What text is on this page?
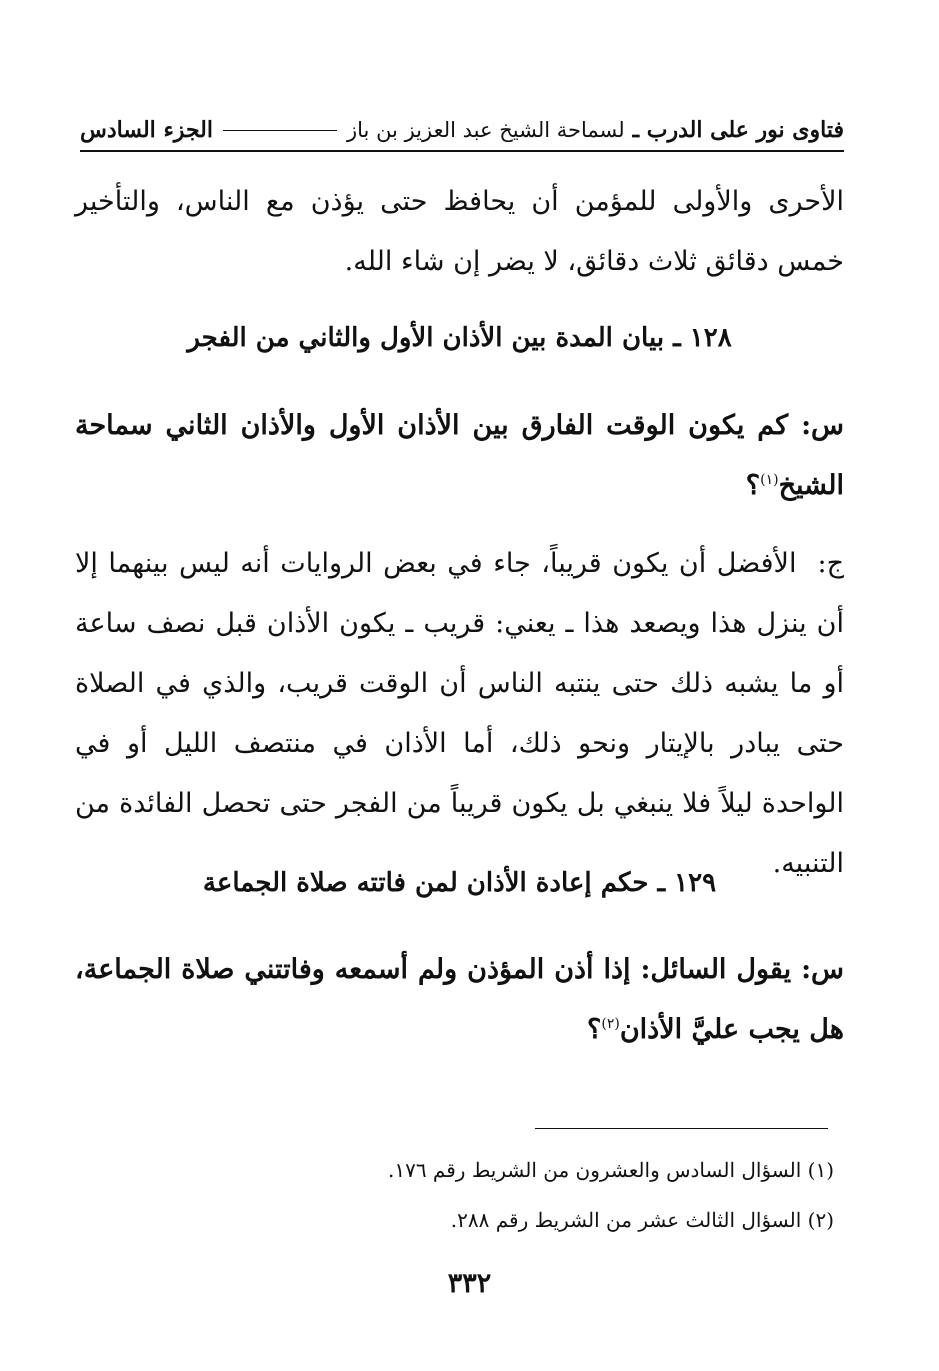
فتاوى نور على الدرب ـ
لسماحة الشيخ عبد العزيز بن باز
الجزء السادس

الأحرى والأولى للمؤمن أن يحافظ حتى يؤذن مع الناس، والتأخير خمس دقائق ثلاث دقائق، لا يضر إن شاء الله.

١٢٨ ـ بيان المدة بين الأذان الأول والثاني من الفجر

س: كم يكون الوقت الفارق بين الأذان الأول والأذان الثاني سماحة الشيخ$^{(١)}$؟

ج:  الأفضل أن يكون قريباً، جاء في بعض الروايات أنه ليس بينهما إلا أن ينزل هذا ويصعد هذا ـ يعني: قريب ـ يكون الأذان قبل نصف ساعة أو ما يشبه ذلك حتى ينتبه الناس أن الوقت قريب، والذي في الصلاة حتى يبادر بالإيتار ونحو ذلك، أما الأذان في منتصف الليل أو في الواحدة ليلاً فلا ينبغي بل يكون قريباً من الفجر حتى تحصل الفائدة من التنبيه.

١٢٩ ـ حكم إعادة الأذان لمن فاتته صلاة الجماعة

س: يقول السائل: إذا أذن المؤذن ولم أسمعه وفاتتني صلاة الجماعة، هل يجب عليَّ الأذان$^{(٢)}$؟

(١) السؤال السادس والعشرون من الشريط رقم ١٧٦.

(٢) السؤال الثالث عشر من الشريط رقم ٢٨٨.

٣٣٢
